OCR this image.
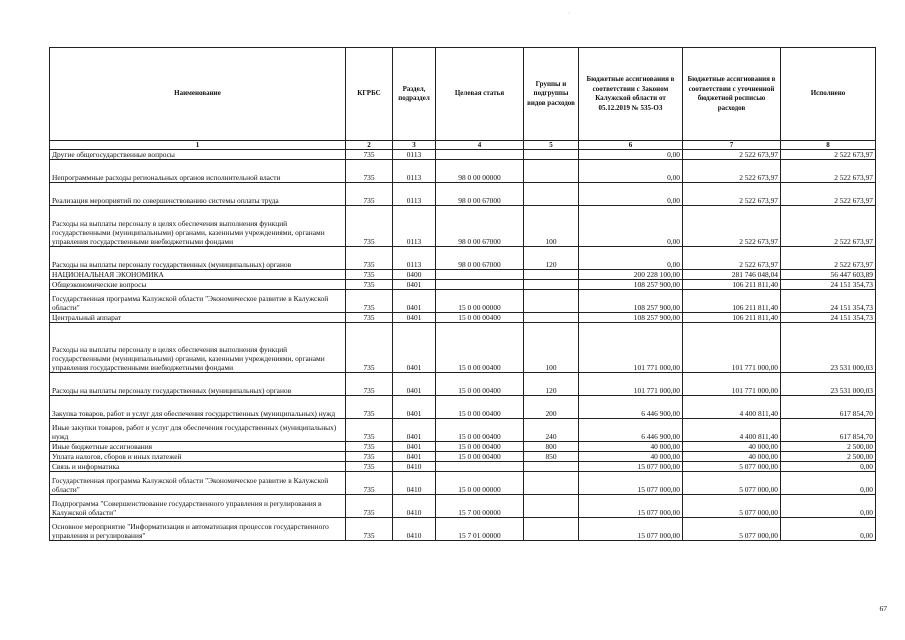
·
Наименование	КГРБС	Раздел, подраздел	Целевая статья	Группы и подгруппы видов расходов	Бюджетные ассигнования в соответствии с Законом Калужской области от 05.12.2019 № 535-ОЗ	Бюджетные ассигнования в соответствии с уточненной бюджетной росписью расходов	Исполнено
1	2	3	4	5	6	7	8
Другие общегосударственные вопросы	735	0113			0,00	2 522 673,97	2 522 673,97
Непрограммные расходы региональных органов исполнительной власти	735	0113	98 0 00 00000		0,00	2 522 673,97	2 522 673,97
Реализация мероприятий по совершенствованию системы оплаты труда	735	0113	98 0 00 67000		0,00	2 522 673,97	2 522 673,97
Расходы на выплаты персоналу в целях обеспечения выполнения функций государственными (муниципальными) органами, казенными учреждениями, органами управления государственными внебюджетными фондами	735	0113	98 0 00 67000	100	0,00	2 522 673,97	2 522 673,97
Расходы на выплаты персоналу государственных (муниципальных) органов	735	0113	98 0 00 67000	120	0,00	2 522 673,97	2 522 673,97
НАЦИОНАЛЬНАЯ ЭКОНОМИКА	735	0400			200 228 100,00	281 746 048,04	56 447 603,89
Общеэкономические вопросы	735	0401			108 257 900,00	106 211 811,40	24 151 354,73
Государственная программа Калужской области "Экономическое развитие в Калужской области"	735	0401	15 0 00 00000		108 257 900,00	106 211 811,40	24 151 354,73
Центральный аппарат	735	0401	15 0 00 00400		108 257 900,00	106 211 811,40	24 151 354,73
Расходы на выплаты персоналу в целях обеспечения выполнения функций государственными (муниципальными) органами, казенными учреждениями, органами управления государственными внебюджетными фондами	735	0401	15 0 00 00400	100	101 771 000,00	101 771 000,00	23 531 000,03
Расходы на выплаты персоналу государственных (муниципальных) органов	735	0401	15 0 00 00400	120	101 771 000,00	101 771 000,00	23 531 000,03
Закупка товаров, работ и услуг для обеспечения государственных (муниципальных) нужд	735	0401	15 0 00 00400	200	6 446 900,00	4 400 811,40	617 854,70
Иные закупки товаров, работ и услуг для обеспечения государственных (муниципальных) нужд	735	0401	15 0 00 00400	240	6 446 900,00	4 400 811,40	617 854,70
Иные бюджетные ассигнования	735	0401	15 0 00 00400	800	40 000,00	40 000,00	2 500,00
Уплата налогов, сборов и иных платежей	735	0401	15 0 00 00400	850	40 000,00	40 000,00	2 500,00
Связь и информатика	735	0410			15 077 000,00	5 077 000,00	0,00
Государственная программа Калужской области "Экономическое развитие в Калужской области"	735	0410	15 0 00 00000		15 077 000,00	5 077 000,00	0,00
Подпрограмма "Совершенствование государственного управления и регулирования в Калужской области"	735	0410	15 7 00 00000		15 077 000,00	5 077 000,00	0,00
Основное мероприятие "Информатизация и автоматизация процессов государственного управления и регулирования"	735	0410	15 7 01 00000		15 077 000,00	5 077 000,00	0,00
67
